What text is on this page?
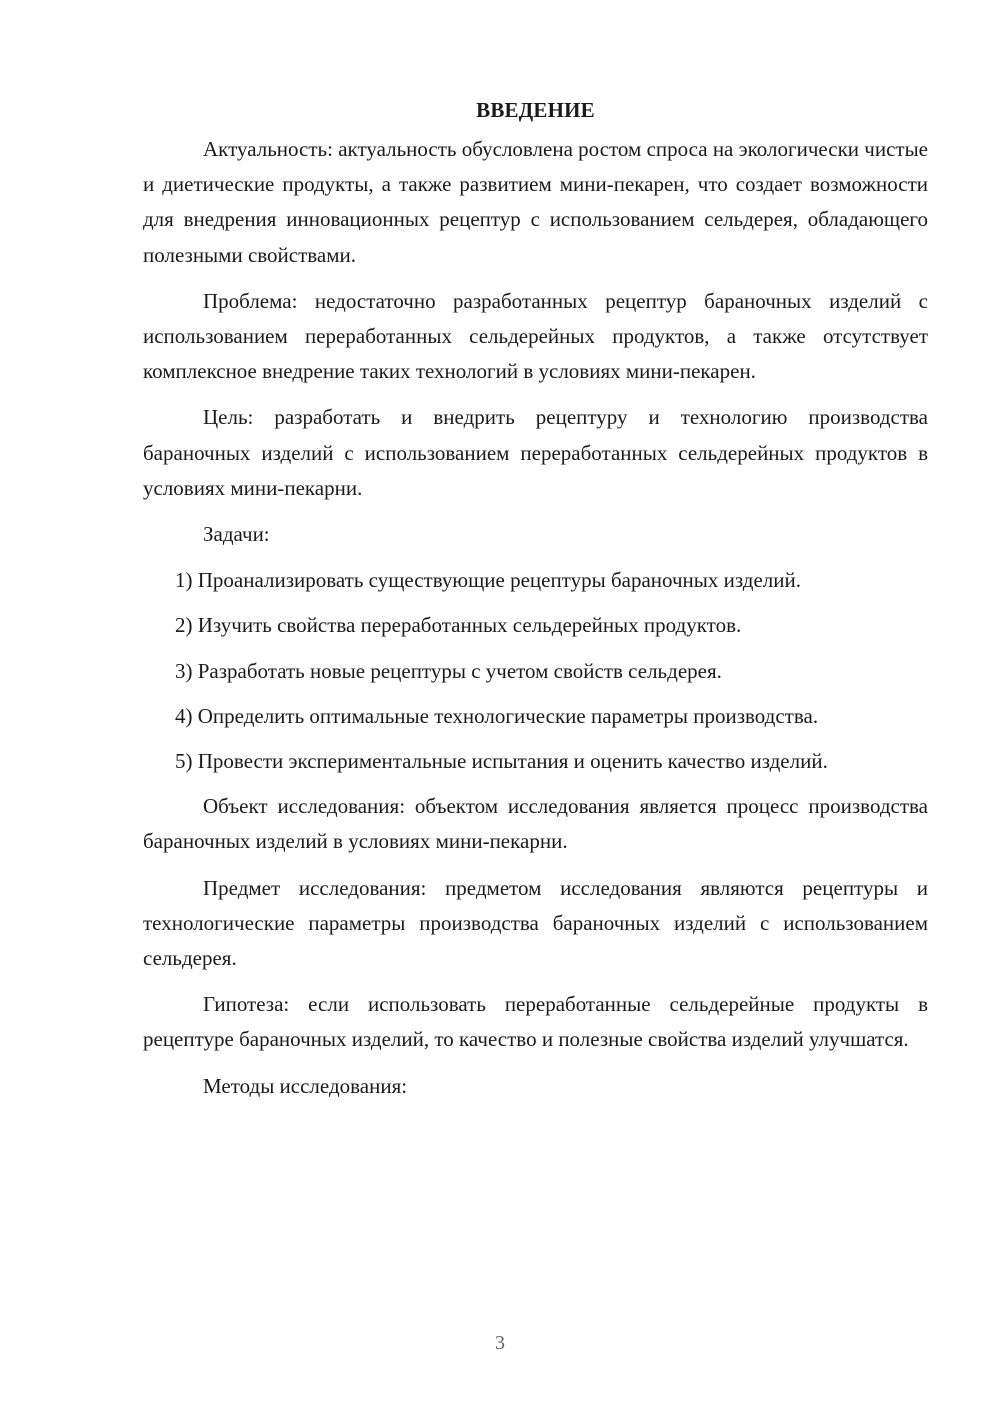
ВВЕДЕНИЕ

Актуальность: актуальность обусловлена ростом спроса на экологически чистые и диетические продукты, а также развитием мини-пекарен, что создает возможности для внедрения инновационных рецептур с использованием сельдерея, обладающего полезными свойствами.

Проблема: недостаточно разработанных рецептур бараночных изделий с использованием переработанных сельдерейных продуктов, а также отсутствует комплексное внедрение таких технологий в условиях мини-пекарен.

Цель: разработать и внедрить рецептуру и технологию производства бараночных изделий с использованием переработанных сельдерейных продуктов в условиях мини-пекарни.

Задачи:

1) Проанализировать существующие рецептуры бараночных изделий.

2) Изучить свойства переработанных сельдерейных продуктов.

3) Разработать новые рецептуры с учетом свойств сельдерея.

4) Определить оптимальные технологические параметры производства.

5) Провести экспериментальные испытания и оценить качество изделий.

Объект исследования: объектом исследования является процесс производства бараночных изделий в условиях мини-пекарни.

Предмет исследования: предметом исследования являются рецептуры и технологические параметры производства бараночных изделий с использованием сельдерея.

Гипотеза: если использовать переработанные сельдерейные продукты в рецептуре бараночных изделий, то качество и полезные свойства изделий улучшатся.

Методы исследования:

3
